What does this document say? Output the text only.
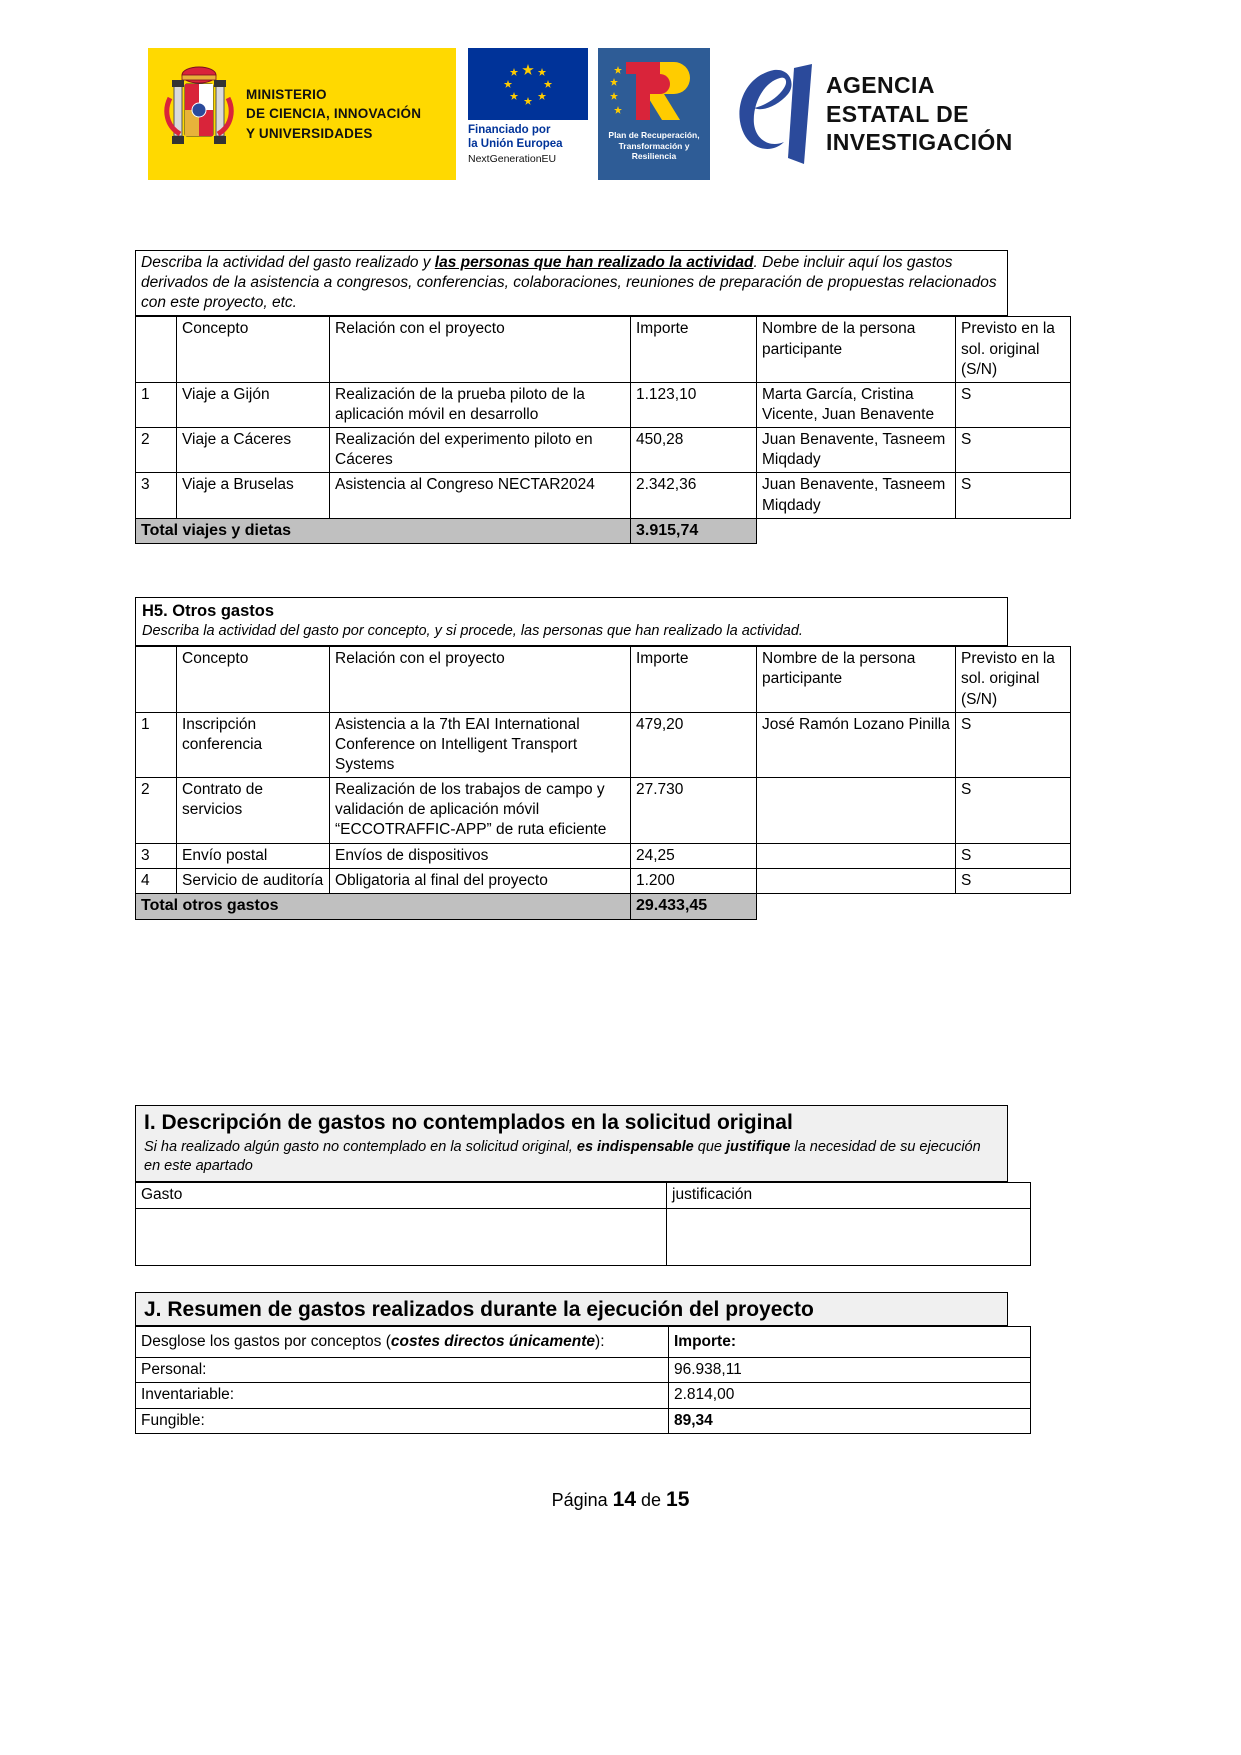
MINISTERIO
DE CIENCIA, INNOVACIÓN
Y UNIVERSIDADES	Financiado por
la Unión Europea
NextGenerationEU
Plan de Recuperación,
Transformación y
Resiliencia
AGENCIA
ESTATAL DE
INVESTIGACIÓN
Describa la actividad del gasto realizado y las personas que han realizado la actividad. Debe incluir aquí los gastos derivados de la asistencia a congresos, conferencias, colaboraciones, reuniones de preparación de propuestas relacionados con este proyecto, etc.
	Concepto	Relación con el proyecto	Importe	Nombre de la persona participante	Previsto en la sol. original (S/N)
1	Viaje a Gijón	Realización de la prueba piloto de la aplicación móvil en desarrollo	1.123,10	Marta García, Cristina Vicente, Juan Benavente	S
2	Viaje a Cáceres	Realización del experimento piloto en Cáceres	450,28	Juan Benavente, Tasneem Miqdady	S
3	Viaje a Bruselas	Asistencia al Congreso NECTAR2024	2.342,36	Juan Benavente, Tasneem Miqdady	S
Total viajes y dietas			3.915,74		
H5. Otros gastos
Describa la actividad del gasto por concepto, y si procede, las personas que han realizado la actividad.
	Concepto	Relación con el proyecto	Importe	Nombre de la persona participante	Previsto en la sol. original (S/N)
1	Inscripción conferencia	Asistencia a la 7th EAI International Conference on Intelligent Transport Systems	479,20	José Ramón Lozano Pinilla	S
2	Contrato de servicios	Realización de los trabajos de campo y validación de aplicación móvil “ECCOTRAFFIC-APP” de ruta eficiente	27.730		S
3	Envío postal	Envíos de dispositivos	24,25		S
4	Servicio de auditoría	Obligatoria al final del proyecto	1.200		S
Total otros gastos			29.433,45		
I. Descripción de gastos no contemplados en la solicitud original
Si ha realizado algún gasto no contemplado en la solicitud original, es indispensable que justifique la necesidad de su ejecución en este apartado
Gasto	justificación

J. Resumen de gastos realizados durante la ejecución del proyecto
Desglose los gastos por conceptos (costes directos únicamente):	Importe:
Personal:	96.938,11
Inventariable:	2.814,00
Fungible:	89,34
Página 14 de 15
